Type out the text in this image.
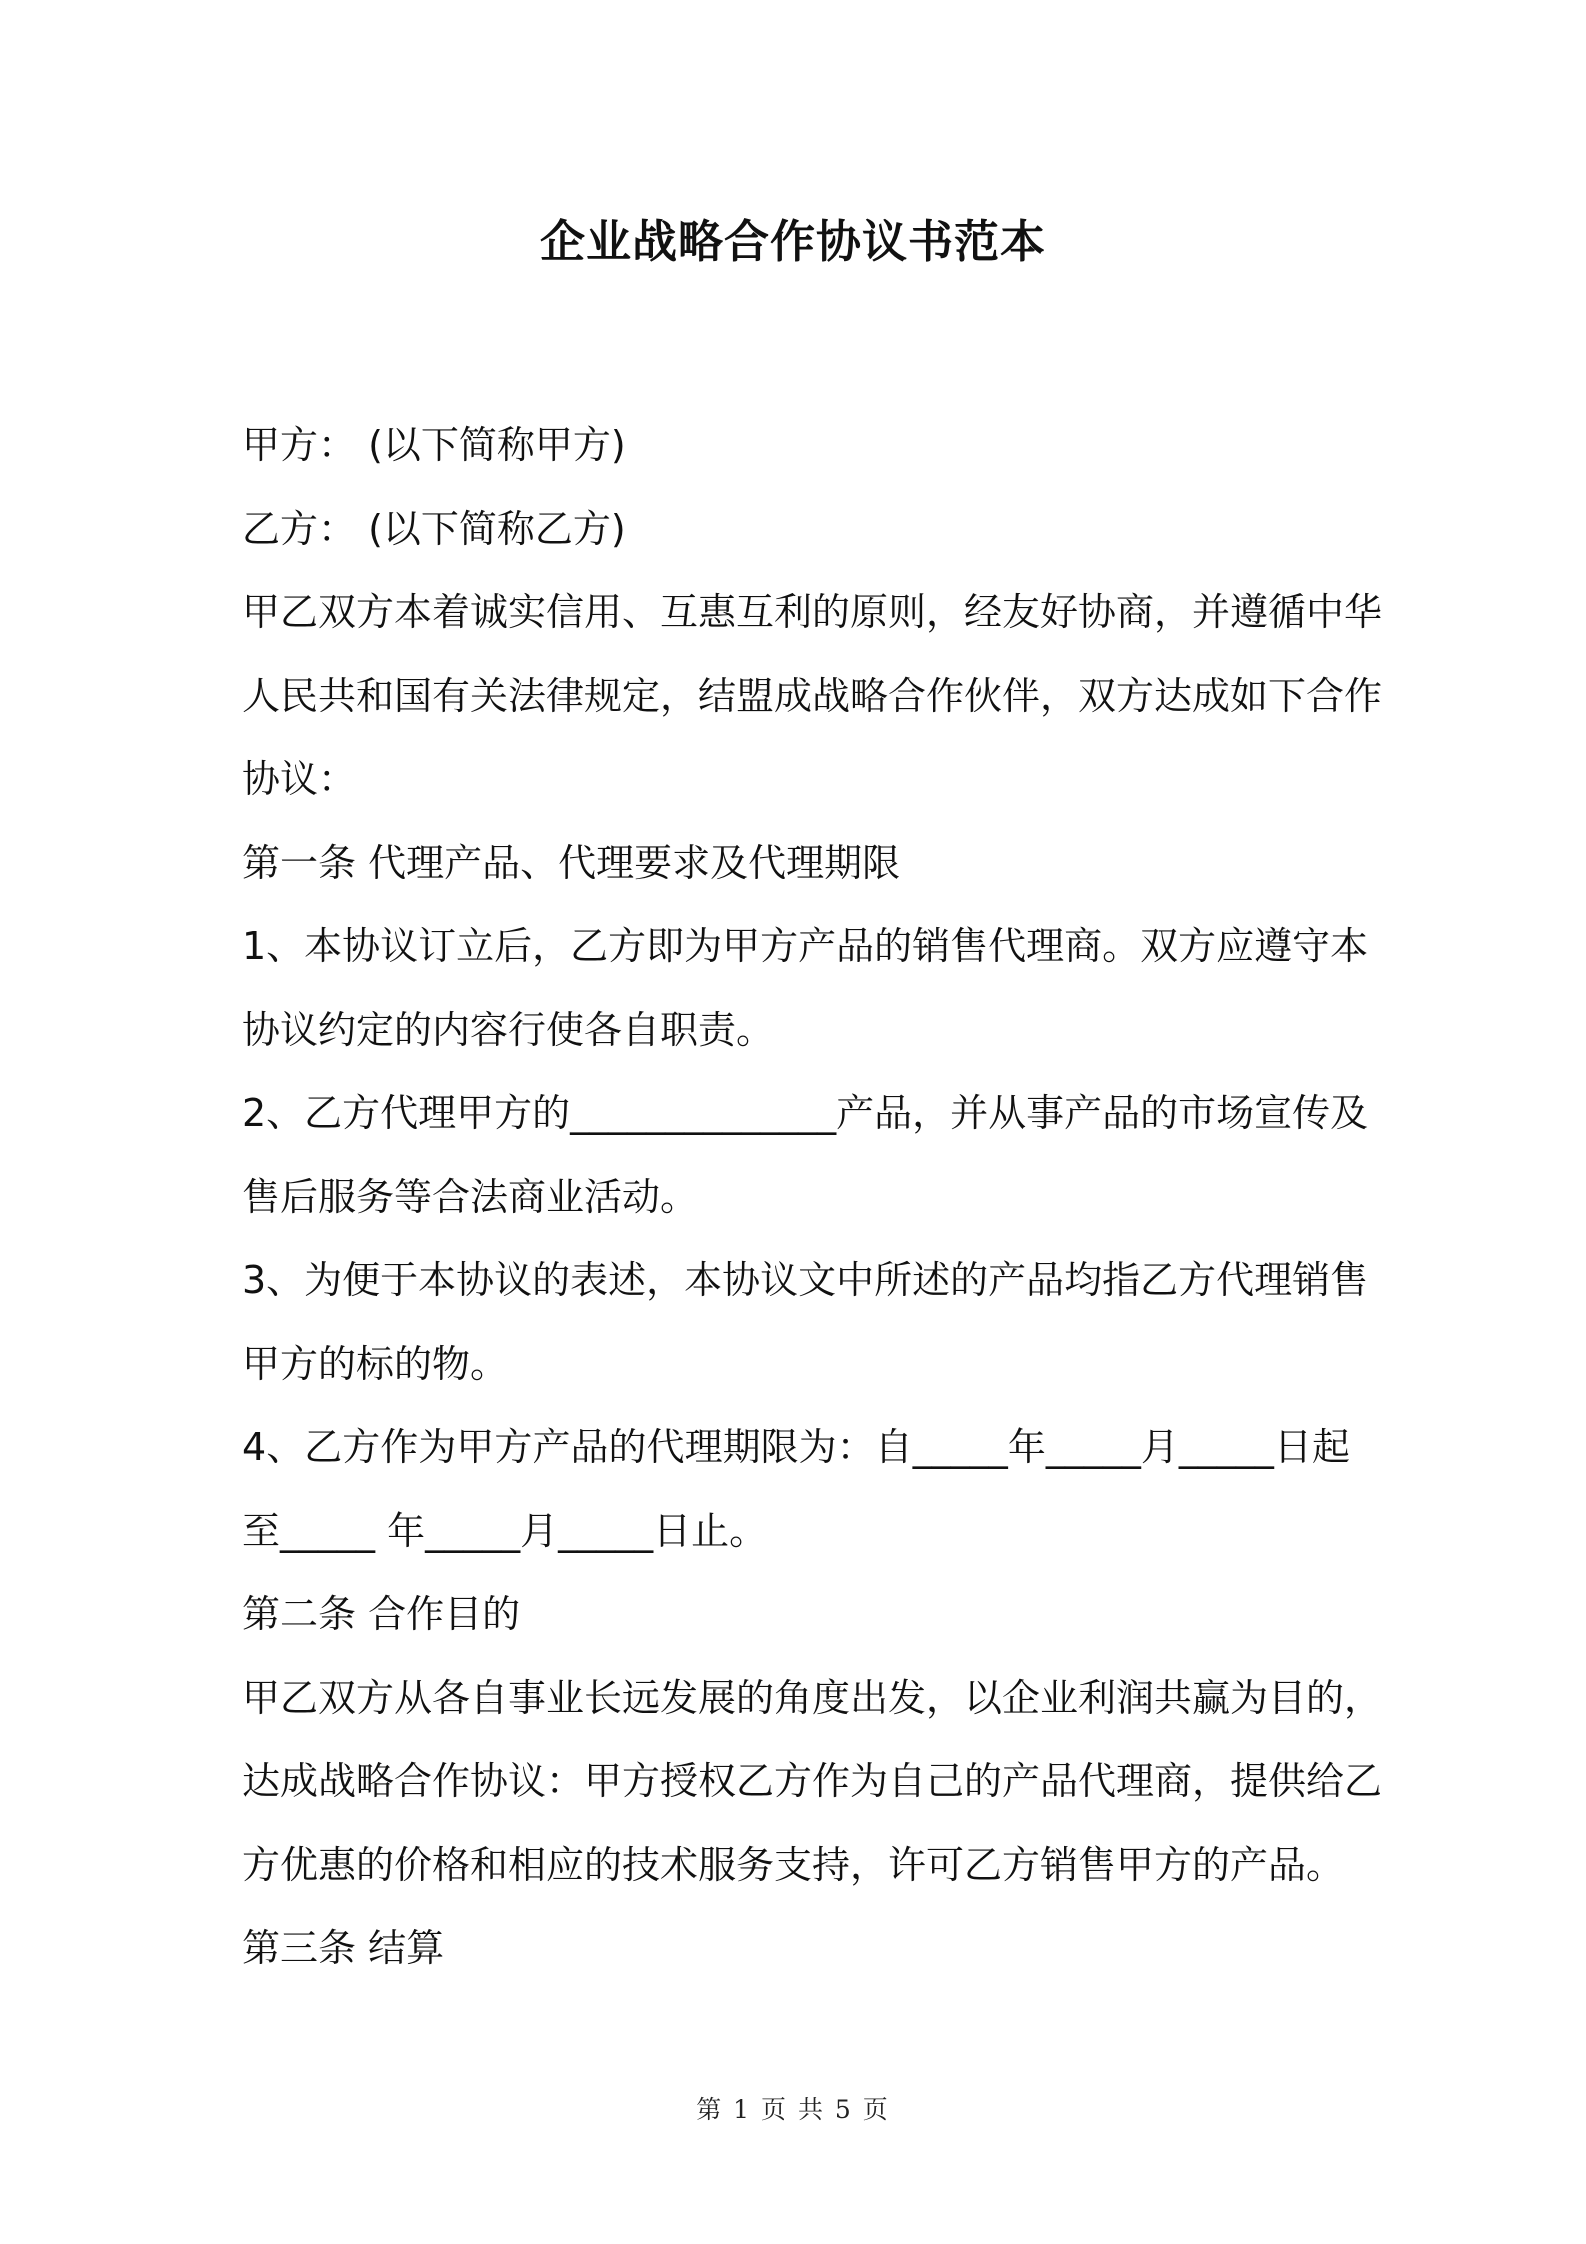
企业战略合作协议书范本
甲方： (以下简称甲方)
乙方： (以下简称乙方)
甲乙双方本着诚实信用、互惠互利的原则，经友好协商，并遵循中华
人民共和国有关法律规定，结盟成战略合作伙伴，双方达成如下合作
协议：
第一条 代理产品、代理要求及代理期限
1、本协议订立后，乙方即为甲方产品的销售代理商。双方应遵守本
协议约定的内容行使各自职责。
2、乙方代理甲方的______________产品，并从事产品的市场宣传及
售后服务等合法商业活动。
3、为便于本协议的表述，本协议文中所述的产品均指乙方代理销售
甲方的标的物。
4、乙方作为甲方产品的代理期限为：自_____年_____月_____日起
至_____ 年_____月_____日止。
第二条 合作目的
甲乙双方从各自事业长远发展的角度出发，以企业利润共赢为目的，
达成战略合作协议：甲方授权乙方作为自己的产品代理商，提供给乙
方优惠的价格和相应的技术服务支持，许可乙方销售甲方的产品。
第三条 结算
第 1 页 共 5 页
